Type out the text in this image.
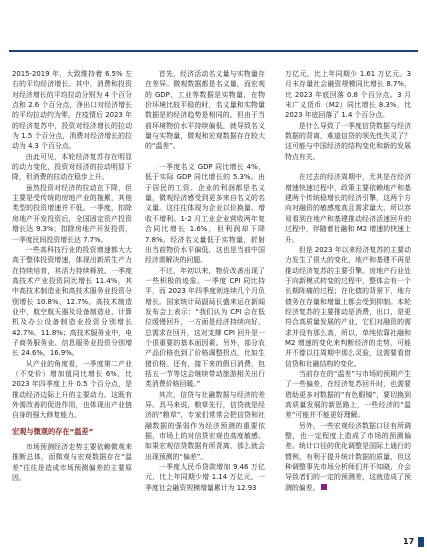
2015-2019 年，大致维持着 6.5% 左右的平均经济增长。其中，消费和投资对经济增长的平均拉动分别为 4 个百分点和 2.6 个百分点，净出口对经济增长的平均拉动约为零。在疫情后 2023 年的经济复苏中，投资对经济增长的拉动为 1.5 个百分点，消费对经济增长的拉动为 4.3 个百分点。

由此可见，本轮经济复苏存在明显的动力变化，投资对经济的拉动明显下降，但消费的拉动在稳步上升。

虽然投资对经济的拉动在下降，但主要是受传统的房地产业的拖累，其他类型的投资增速并不低。一季度，扣除房地产开发投资后，全国固定资产投资增长达 9.3%；扣除房地产开发投资，一季度民间投资增长达 7.7%。

一些高科技行业的投资增速都大大高于整体投资增速，体现出新质生产力在持续培育，其活力持续释放。一季度高技术产业投资同比增长 11.4%，其中高技术制造业和高技术服务业投资分别增长 10.8%、12.7%。高技术制造业中，航空航天器及设备制造业、计算机及办公设备制造业投资分别增长 42.7%、11.8%；高技术服务业中，电子商务服务业、信息服务业投资分别增长 24.6%、16.9%。

从产业的角度看，一季度第二产业（不变价）增加值同比增长 6%，比 2023 年四季度上升 0.5 个百分点，是推动经济边际上升的主要动力。这既有外需改善的促进作用，也体现出产业链自身的强大修复能力。

宏观与微观的存在“温差”

市场预测经济走势主要依赖微观来推断总体，而微观与宏观数据存在“温差”往往是造成市场预测偏差的主要原因。

首先，经济活动名义量与实物量存在差异。微观数据都是名义量，而宏观的 GDP、工业等数据是实物量，在物价环境比较平稳的时，名义量和实物量数据是的经济趋势是相同的。但由于当前环境物价水平持续偏低，就导致名义量与实物量，微观和宏观数据存在较大的“温差”。

一季度名义 GDP 同比增长 4%，低于实际 GDP 同比增长的 5.3%。由于居民的工资、企业的利润都是名义量，微观经济感受到更多来自名义的名义量。这往往体现为企业以价换量、增收不增利。1-2 月工业企业营收两年复合同比增长 1.6%，但利润却下降 7.8%。经济名义量低于实物量，折射出当前物价水平偏低，这也是当前中国经济需解决的问题。

不过，年初以来，物价改善出现了一些积极的迹象。一季度 CPI 同比持平，而 2023 年四季度则连续几个月负增长。国家统计局副局长盛来运在新闻发布会上表示：“我们认为 CPI 会在低位缓慢回升，一方面是经济持续向好，总需求在回升，这对支撑 CPI 回升是一个很重要的基本面因素。另外，部分农产品价格也到了价格调整拐点，比如生猪价格。还有，接下来的假日消费，包括五一节等这会继续带动旅游相关出行类消费价格回暖。”

其次，信贷与社融数据与经济的差异。具马来说，粮草先行，信贷就是经济的“粮草”，专家们常常会把信贷和社融数据的强弱作为经济预测的重要依据，市场上的对信贷宏观也高度敏感。如果宏观信贷数据有所背离，那么就会出现预测的“偏差”。

一季度人民币贷款增加 9.46 万亿元，比上年同期少增 1.14 万亿元。一季度社会融资规模增量累计为 12.93

万亿元，比上年同期少 1.61 万亿元。3 月末存量社会融资规模同比增长 8.7%，比 2023 年底回落 0.8 个百分点。3 月末广义货币（M2）同比增长 8.3%，比 2023 年底回落了 1.4 个百分点。

是什么导致了一季度信贷数据与经济数据的背离，难道信贷的领先性失灵了？这可能与中国经济的结构变化和新的发展特点有关。

在过去的经济周期中，尤其是在经济增速快速过程中，政策主要依赖地产和基建两个传统稳增长的经济引擎，这两个方向对融资的敏感度高且需求量大，所以容易看到在地产和基建推动经济活速回升的过程中，伴随着社融和 M2 增速的快速上升。

但是 2023 年以来经济复苏的主要动力发生了很大的变化，地产和基建不再是推动经济复苏的主要引擎。房地产行业处于向新模式转变的过程中，整体会有一个长期阵痛的过程；在化债的背景下，地方债务在存量和增量上都会受到抑制。本轮经济复苏的主要推动是消费，出口，是更符合高质量发展的产业，它们对融资的需求并没有那么高，所以，单纯依靠社融和 M2 增速的变化来判断经济的走势，可能并不像以往周期中那么灵验，这需要看借信贷和社融结构的变化。

当前存在的“温差”与市场的预期产生了一些偏差，在经济复苏回升时，也需要借助更多对数据的“有色眼镜”，要切换到高质量发展的新思路上，一些经济的“温差”可能并不能更好理解。

另外，一些宏观经济数据口径有所调整，也一定程度上造成了市场的预测偏差。统计口径的优化调整是国际上通行的惯例，有利于提升统计数据的质量，但这种调整事先市场分析师们并不知晓，介会导致者们的一定的预测差，这就造成了预测的偏差。

17
